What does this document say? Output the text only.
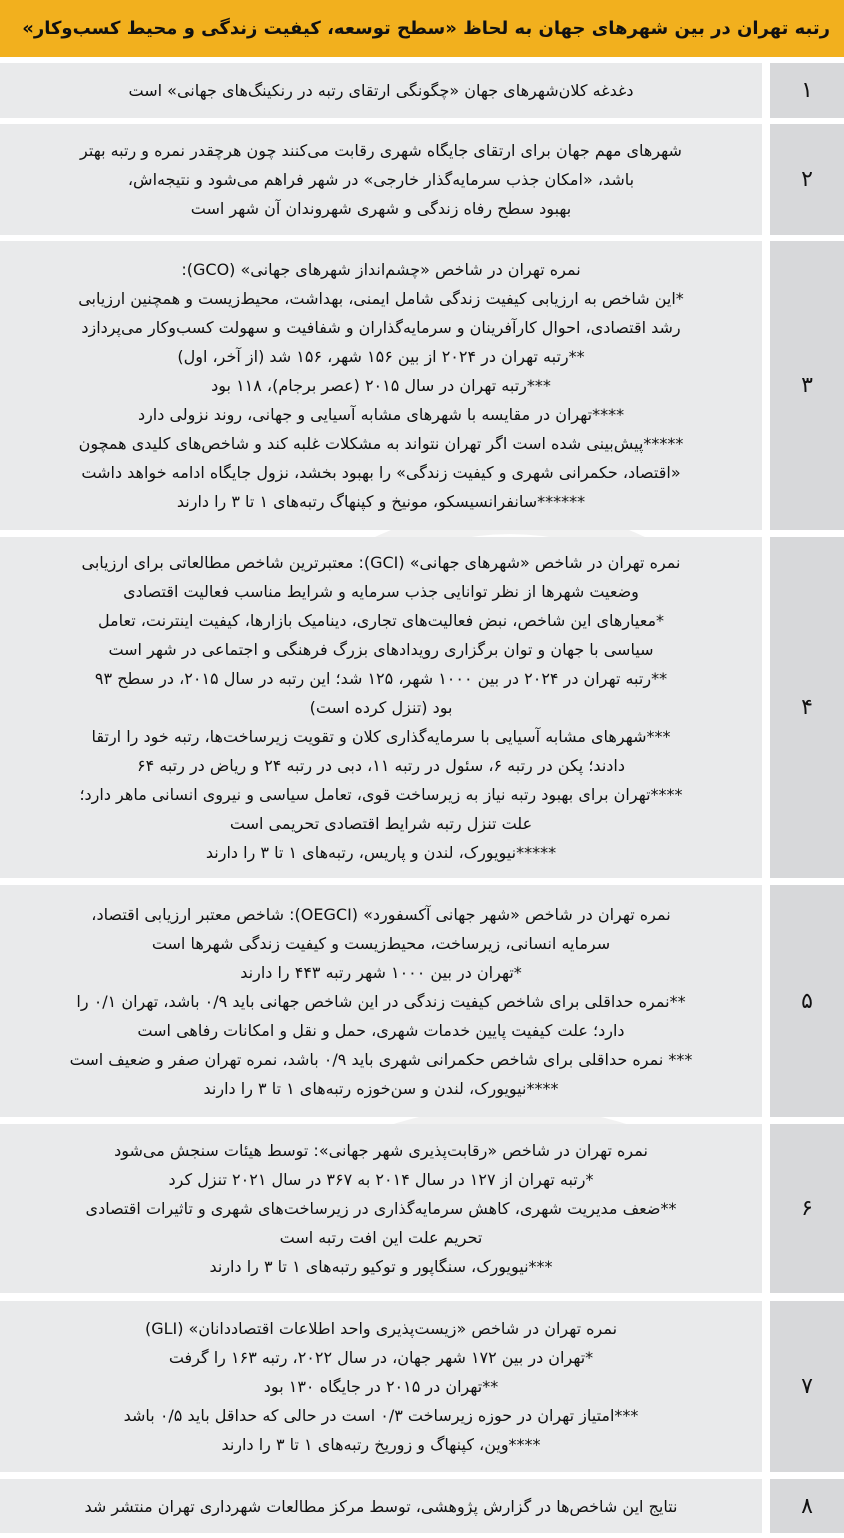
رتبه تهران در بین شهرهای جهان به لحاظ «سطح توسعه، کیفیت زندگی و محیط کسب‌وکار»
دغدغه کلان‌شهرهای جهان «چگونگی ارتقای رتبه در رنکینگ‌های جهانی» است	۱
شهرهای مهم جهان برای ارتقای جایگاه شهری رقابت می‌کنند چون هرچقدر نمره و رتبه بهتر
باشد، «امکان جذب سرمایه‌گذار خارجی» در شهر فراهم می‌شود و نتیجه‌اش،
بهبود سطح رفاه زندگی و شهری شهروندان آن شهر است
۲
نمره تهران در شاخص «چشم‌انداز شهرهای جهانی» (GCO):
*این شاخص به ارزیابی کیفیت زندگی شامل ایمنی، بهداشت، محیط‌زیست و همچنین ارزیابی
رشد اقتصادی، احوال کارآفرینان و سرمایه‌گذاران و شفافیت و سهولت کسب‌وکار می‌پردازد
**رتبه تهران در ۲۰۲۴ از بین ۱۵۶ شهر، ۱۵۶ شد (از آخر، اول)
***رتبه تهران در سال ۲۰۱۵ (عصر برجام)، ۱۱۸ بود
****تهران در مقایسه با شهرهای مشابه آسیایی و جهانی، روند نزولی دارد
*****پیش‌بینی شده است اگر تهران نتواند به مشکلات غلبه کند و شاخص‌های کلیدی همچون
«اقتصاد، حکمرانی شهری و کیفیت زندگی» را بهبود بخشد، نزول جایگاه ادامه خواهد داشت
******سانفرانسیسکو، مونیخ و کپنهاگ رتبه‌های ۱ تا ۳ را دارند
۳
نمره تهران در شاخص «شهرهای جهانی» (GCI): معتبرترین شاخص مطالعاتی برای ارزیابی
وضعیت شهرها از نظر توانایی جذب سرمایه و شرایط مناسب فعالیت اقتصادی
*معیارهای این شاخص، نبض فعالیت‌های تجاری، دینامیک بازارها، کیفیت اینترنت، تعامل
سیاسی با جهان و توان برگزاری رویدادهای بزرگ فرهنگی و اجتماعی در شهر است
**رتبه تهران در ۲۰۲۴ در بین ۱۰۰۰ شهر، ۱۲۵ شد؛ این رتبه در سال ۲۰۱۵، در سطح ۹۳
بود (تنزل کرده است)
***شهرهای مشابه آسیایی با سرمایه‌گذاری کلان و تقویت زیرساخت‌ها، رتبه خود را ارتقا
دادند؛ پکن در رتبه ۶، سئول در رتبه ۱۱، دبی در رتبه ۲۴ و ریاض در رتبه ۶۴
****تهران برای بهبود رتبه نیاز به زیرساخت قوی، تعامل سیاسی و نیروی انسانی ماهر دارد؛
علت تنزل رتبه شرایط اقتصادی تحریمی است
*****نیویورک، لندن و پاریس، رتبه‌های ۱ تا ۳ را دارند
۴
نمره تهران در شاخص «شهر جهانی آکسفورد» (OEGCI): شاخص معتبر ارزیابی اقتصاد،
سرمایه انسانی، زیرساخت، محیط‌زیست و کیفیت زندگی شهرها است
*تهران در بین ۱۰۰۰ شهر رتبه ۴۴۳ را دارند
**نمره حداقلی برای شاخص کیفیت زندگی در این شاخص جهانی باید ۰/۹ باشد، تهران ۰/۱ را
دارد؛ علت کیفیت پایین خدمات شهری، حمل و نقل و امکانات رفاهی است
*** نمره حداقلی برای شاخص حکمرانی شهری باید ۰/۹ باشد، نمره تهران صفر و ضعیف است
****نیویورک، لندن و سن‌خوزه رتبه‌های ۱ تا ۳ را دارند
۵
نمره تهران در شاخص «رقابت‌پذیری شهر جهانی»: توسط هیئات سنجش می‌شود
*رتبه تهران از ۱۲۷ در سال ۲۰۱۴ به ۳۶۷ در سال ۲۰۲۱ تنزل کرد
**ضعف مدیریت شهری، کاهش سرمایه‌گذاری در زیرساخت‌های شهری و تاثیرات اقتصادی
تحریم علت این افت رتبه است
***نیویورک، سنگاپور و توکیو رتبه‌های ۱ تا ۳ را دارند
۶
نمره تهران در شاخص «زیست‌پذیری واحد اطلاعات اقتصاددانان» (GLI)
*تهران در بین ۱۷۲ شهر جهان، در سال ۲۰۲۲، رتبه ۱۶۳ را گرفت
**تهران در ۲۰۱۵ در جایگاه ۱۳۰ بود
***امتیاز تهران در حوزه زیرساخت ۰/۳ است در حالی که حداقل باید ۰/۵ باشد
****وین، کپنهاگ و زوریخ رتبه‌های ۱ تا ۳ را دارند
۷
نتایج این شاخص‌ها در گزارش پژوهشی، توسط مرکز مطالعات شهرداری تهران منتشر شد	۸
